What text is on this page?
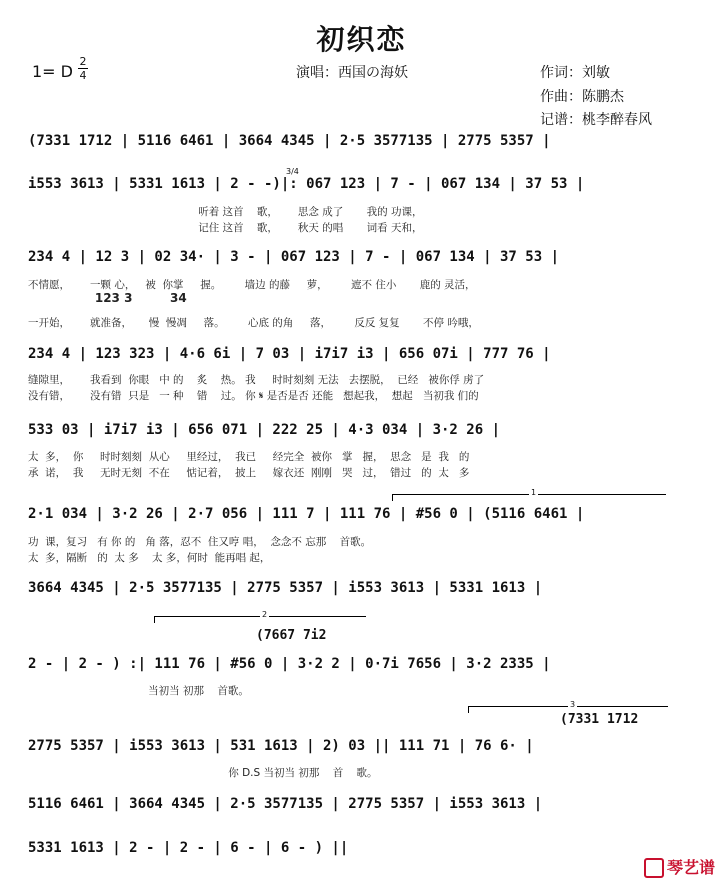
初织恋
1= D
2
4	演唱：西国の海妖	作词：刘敏
作曲：陈鹏杰
记谱：桃李醉春风
(7331 1712 | 5116 6461 | 3664 4345 | 2·5 3577135 | 2775 5357 |
3/4
i553 3613 | 5331 1613 | 2 - -)|: 067 123 | 7 - | 067 134 | 37 53 |
听着 这首    歌，      思念 成了       我的 功课，
记住 这首    歌，      秋天 的唱       词看 天和，
234 4 | 12 3 | 02 34· | 3 - | 067 123 | 7 - | 067 134 | 37 53 |
不情愿，      一颗 心，   被  你掌     握。       墙边 的藤     萝，       遮不 住小       鹿的 灵活，
123 3         34
一开始，      就准备，     慢  慢凋     落。       心底 的角     落，       反反 复复       不停 吟哦，
234 4 | 123 323 | 4·6 6i | 7 03 | i7i7 i3 | 656 07i | 777 76 |
缝隙里，      我看到  你眼   中 的    炙    热。 我     时时刻刻 无法   去摆脱，  已经   被你俘 虏了
没有错，      没有错  只是   一 种    错    过。 你 𝄋 是否是否 还能   想起我，  想起   当初我 们的
533 03 | i7i7 i3 | 656 071 | 222 25 | 4·3 034 | 3·2 26 |
太  多，  你     时时刻刻  从心     里经过，  我已     经完全  被你   掌   握，  思念   是  我   的
承  诺，  我     无时无刻  不在     惦记着，  披上     嫁衣还  刚刚   哭   过，  错过   的  太   多
1
2·1 034 | 3·2 26 | 2·7 056 | 111 7 | 111 76 | #56 0 | (5116 6461 |
功  课，复习   有 你 的   角 落，忍不  住又哼 唱，  念念不 忘那    首歌。
太  多，隔断   的  太 多    太 多，何时  能再唱 起，
3664 4345 | 2·5 3577135 | 2775 5357 | i553 3613 | 5331 1613 |
2
(7667 7i2
2 - | 2 - ) :| 111 76 | #56 0 | 3·2 2 | 0·7i 7656 | 3·2 2335 |
当初当 初那    首歌。
3
(7331 1712
2775 5357 | i553 3613 | 531 1613 | 2) 03 || 111 71 | 76 6· |
你 D.S 当初当 初那    首    歌。
5116 6461 | 3664 4345 | 2·5 3577135 | 2775 5357 | i553 3613 |
5331 1613 | 2 - | 2 - | 6 - | 6 - ) ||
琴艺谱
